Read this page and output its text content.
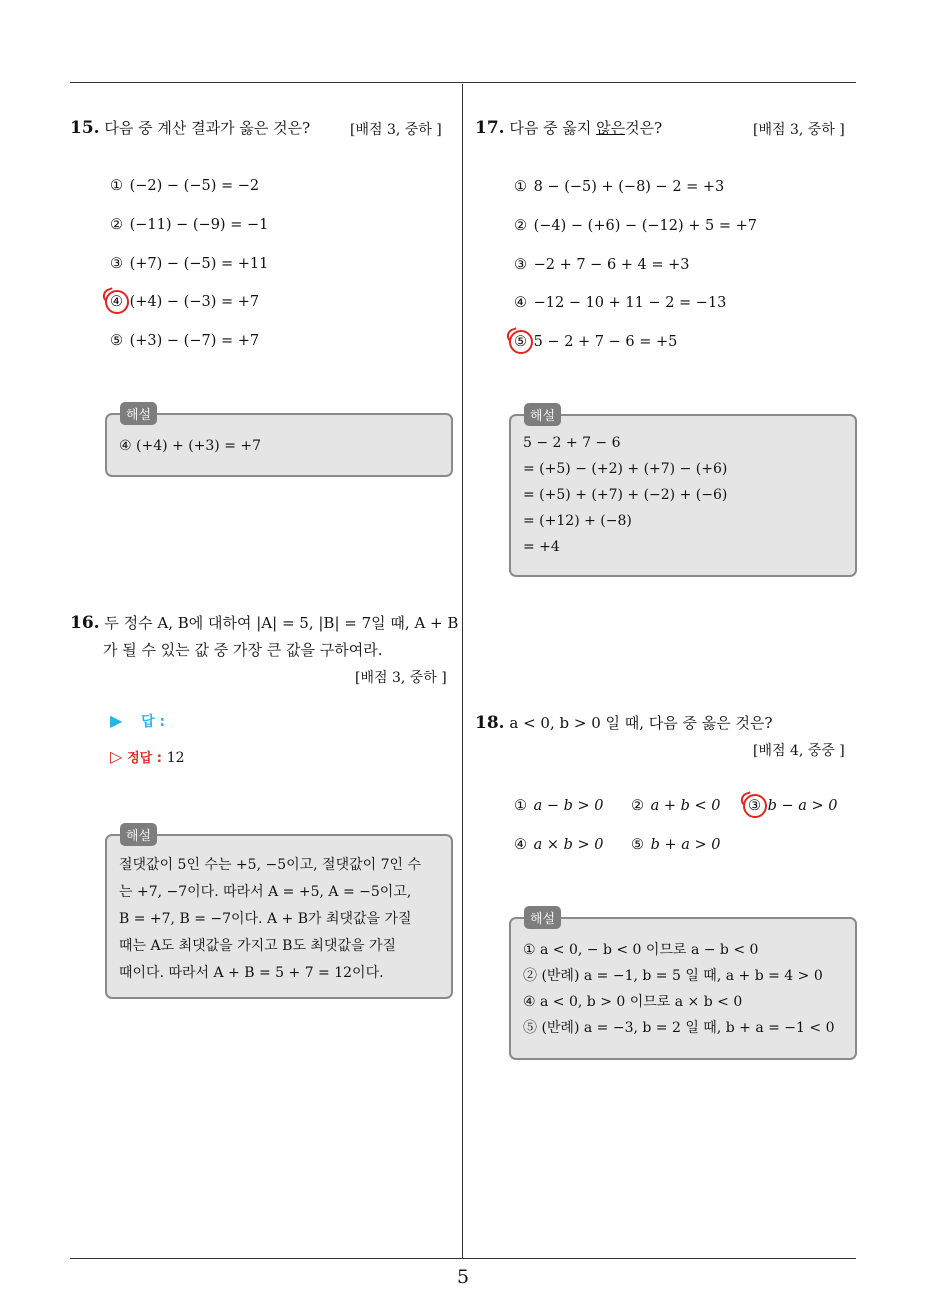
15. 다음 중 계산 결과가 옳은 것은?	[배점 3, 중하 ]
① (−2) − (−5) = −2
② (−11) − (−9) = −1
③ (+7) − (−5) = +11
④ (+4) − (−3) = +7
⑤ (+3) − (−7) = +7
④ (+4) + (+3) = +7
해설
16. 두 정수 A, B에 대하여 |A| = 5, |B| = 7일 때, A + B
가 될 수 있는 값 중 가장 큰 값을 구하여라.
[배점 3, 중하 ]
▶ 답 :
▷ 정답 : 12
절댓값이 5인 수는 +5, −5이고, 절댓값이 7인 수
는 +7, −7이다. 따라서 A = +5, A = −5이고,
B = +7, B = −7이다. A + B가 최댓값을 가질
때는 A도 최댓값을 가지고 B도 최댓값을 가질
때이다. 따라서 A + B = 5 + 7 = 12이다.
해설
17. 다음 중 옳지 않은것은?	[배점 3, 중하 ]
① 8 − (−5) + (−8) − 2 = +3
② (−4) − (+6) − (−12) + 5 = +7
③ −2 + 7 − 6 + 4 = +3
④ −12 − 10 + 11 − 2 = −13
⑤ 5 − 2 + 7 − 6 = +5
5 − 2 + 7 − 6
= (+5) − (+2) + (+7) − (+6)
= (+5) + (+7) + (−2) + (−6)
= (+12) + (−8)
= +4
해설
18. a < 0, b > 0 일 때, 다음 중 옳은 것은?
[배점 4, 중중 ]
① a − b > 0 ② a + b < 0 ③ b − a > 0
④ a × b > 0 ⑤ b + a > 0
① a < 0, − b < 0 이므로 a − b < 0
② (반례) a = −1, b = 5 일 때, a + b = 4 > 0
④ a < 0, b > 0 이므로 a × b < 0
⑤ (반례) a = −3, b = 2 일 때, b + a = −1 < 0
해설
5
